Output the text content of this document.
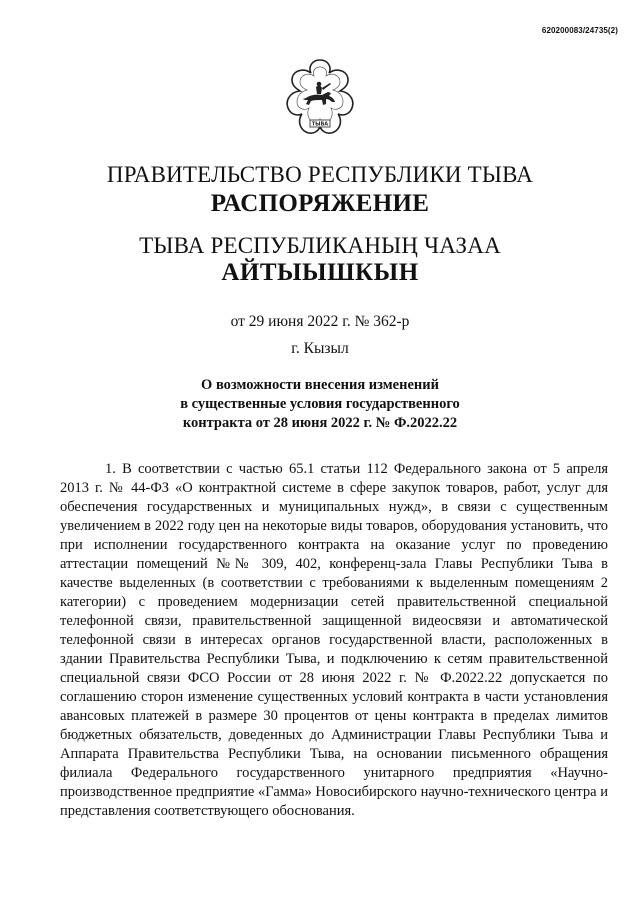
620200083/24735(2)
ТЫВА
ПРАВИТЕЛЬСТВО РЕСПУБЛИКИ ТЫВА
РАСПОРЯЖЕНИЕ
ТЫВА РЕСПУБЛИКАНЫҢ ЧАЗАА
АЙТЫЫШКЫН
от 29 июня 2022 г. № 362-р
г. Кызыл
О возможности внесения изменений
в существенные условия государственного
контракта от 28 июня 2022 г. № Ф.2022.22

1. В соответствии с частью 65.1 статьи 112 Федерального закона от 5 апреля 2013 г. № 44-ФЗ «О контрактной системе в сфере закупок товаров, работ, услуг для обеспечения государственных и муниципальных нужд», в связи с существенным увеличением в 2022 году цен на некоторые виды товаров, оборудования установить, что при исполнении государственного контракта на оказание услуг по проведению аттестации помещений №№ 309, 402, конференц-зала Главы Республики Тыва в качестве выделенных (в соответствии с требованиями к выделенным помещениям 2 категории) с проведением модернизации сетей правительственной специальной телефонной связи, правительственной защищенной видеосвязи и автоматической телефонной связи в интересах органов государственной власти, расположенных в здании Правительства Республики Тыва, и подключению к сетям правительственной специальной связи ФСО России от 28 июня 2022 г. № Ф.2022.22 допускается по соглашению сторон изменение существенных условий контракта в части установления авансовых платежей в размере 30 процентов от цены контракта в пределах лимитов бюджетных обязательств, доведенных до Администрации Главы Республики Тыва и Аппарата Правительства Республики Тыва, на основании письменного обращения филиала Федерального государственного унитарного предприятия «Научно-производственное предприятие «Гамма» Новосибирского научно-технического центра и представления соответствующего обоснования.
